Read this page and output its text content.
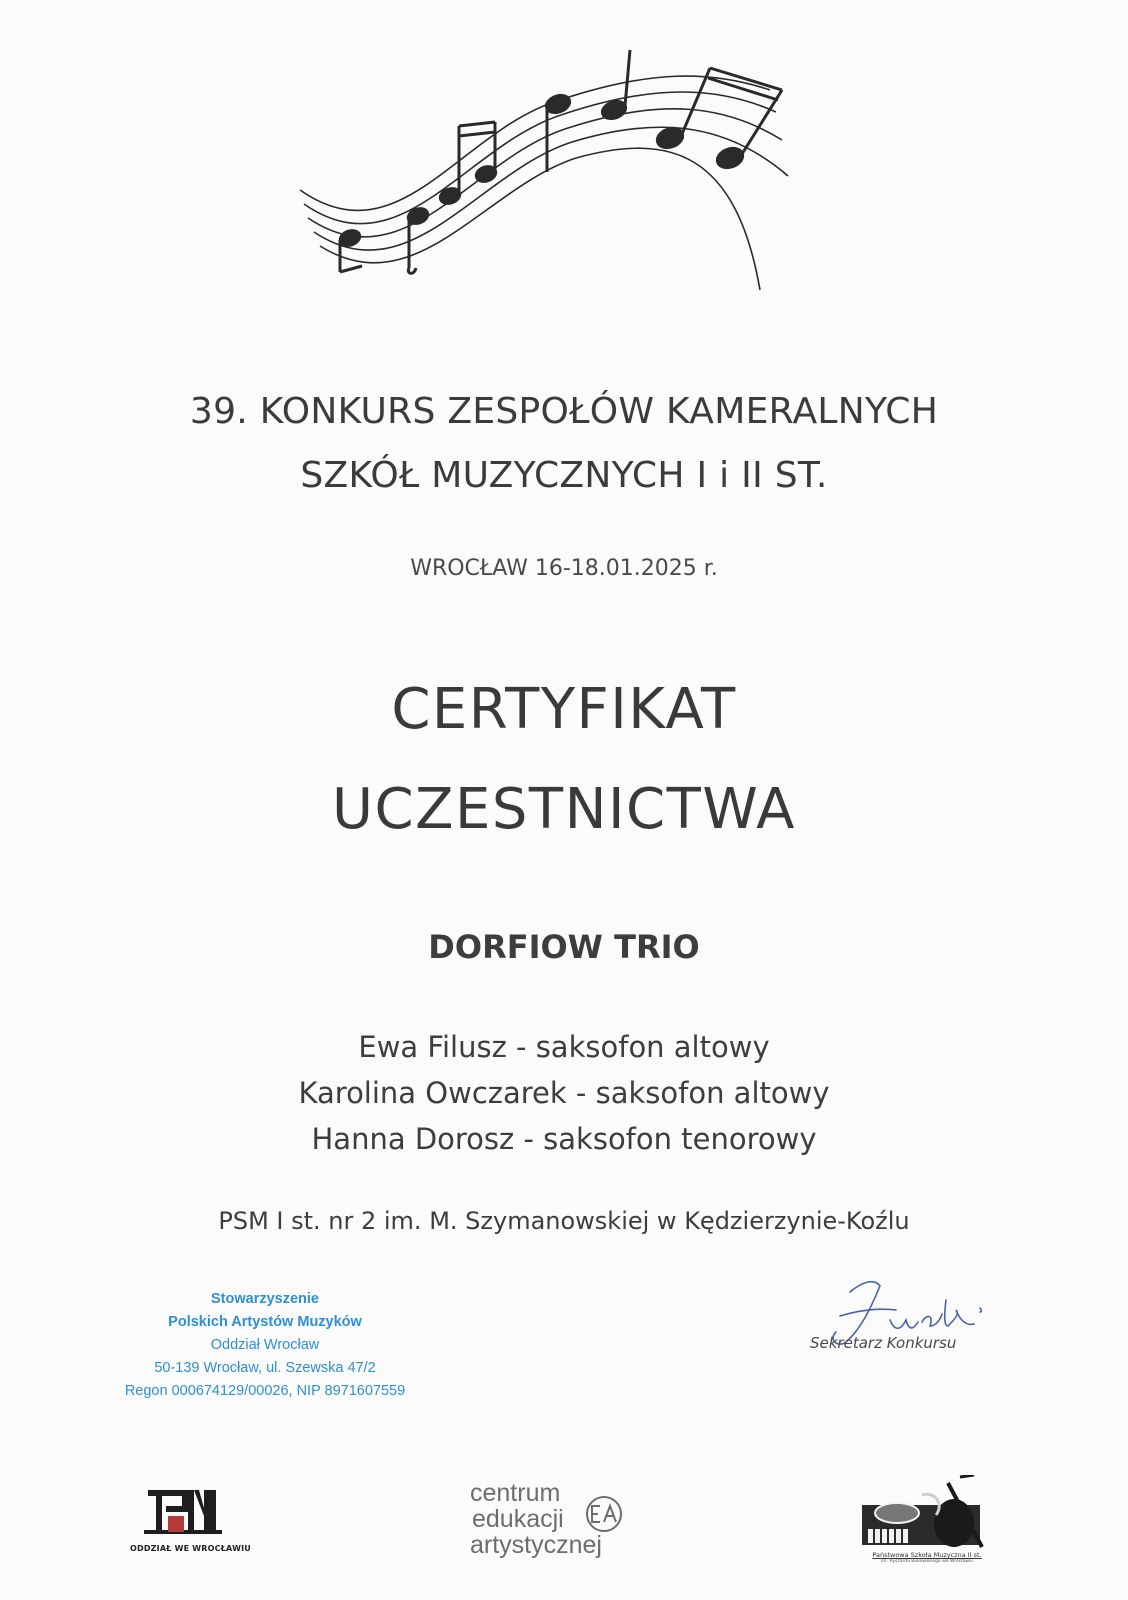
39. KONKURS ZESPOŁÓW KAMERALNYCH
SZKÓŁ MUZYCZNYCH I i II ST.
WROCŁAW 16-18.01.2025 r.
CERTYFIKAT
UCZESTNICTWA
DORFIOW TRIO
Ewa Filusz - saksofon altowy
Karolina Owczarek - saksofon altowy
Hanna Dorosz - saksofon tenorowy
PSM I st. nr 2 im. M. Szymanowskiej w Kędzierzynie-Koźlu
Stowarzyszenie
Polskich Artystów Muzyków
Oddział Wrocław
50-139 Wrocław, ul. Szewska 47/2
Regon 000674129/00026, NIP 8971607559
Sekretarz Konkursu
ODDZIAŁ WE WROCŁAWIU
centrum
edukacji
artystycznej	Państwowa Szkoła Muzyczna II st.
im. Ryszarda Bukowskiego we Wrocławiu
